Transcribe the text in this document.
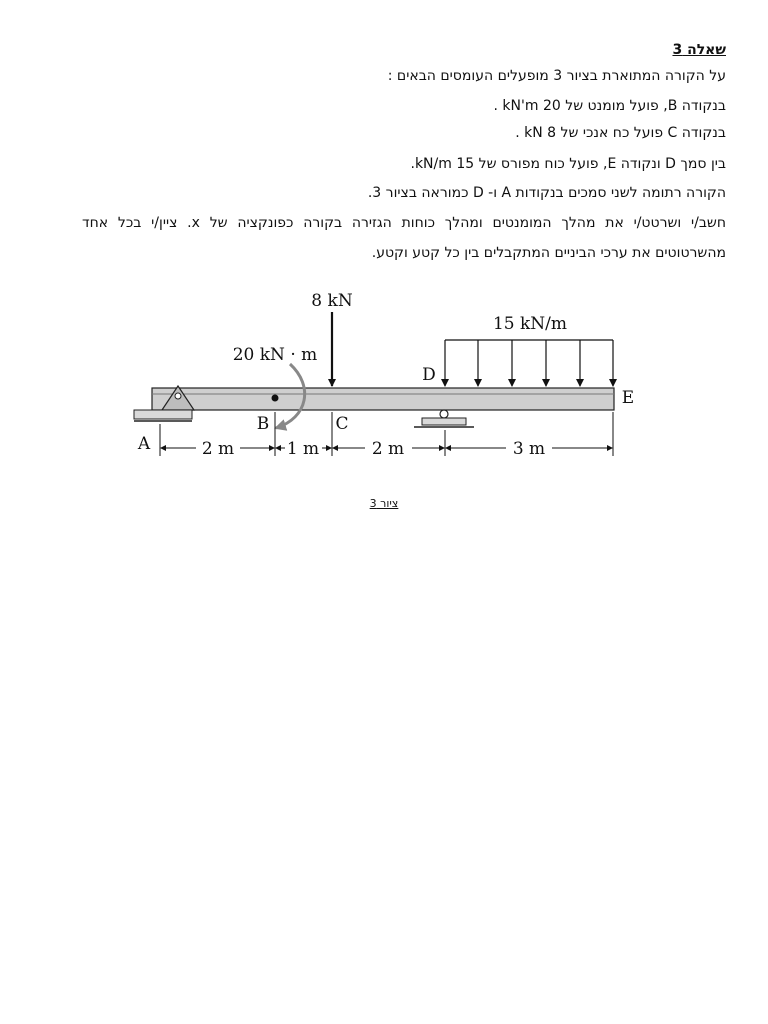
שאלה 3
על הקורה המתוארת בציור 3 מופעלים העומסים הבאים :
בנקודה B, פועל מומנט של 20 kN'm .
בנקודה C פועל כח אנכי של 8 kN .
בין סמך D ונקודה E, פועל כוח מפורס של 15 kN/m.
הקורה רתומה לשני סמכים בנקודות A ו- D כמוראה בציור 3.
חשב/י ושרטט/י את מהלך המומנטים ומהלך כוחות הגזירה בקורה כפונקציה של x. ציין/י בכל אחד
מהשרטוטים את ערכי הביניים המתקבלים בין כל קטע וקטע.
8 kN
20 kN · m
15 kN/m
A
B	C
D
E
2 m	1 m	2 m	3 m
ציור 3
